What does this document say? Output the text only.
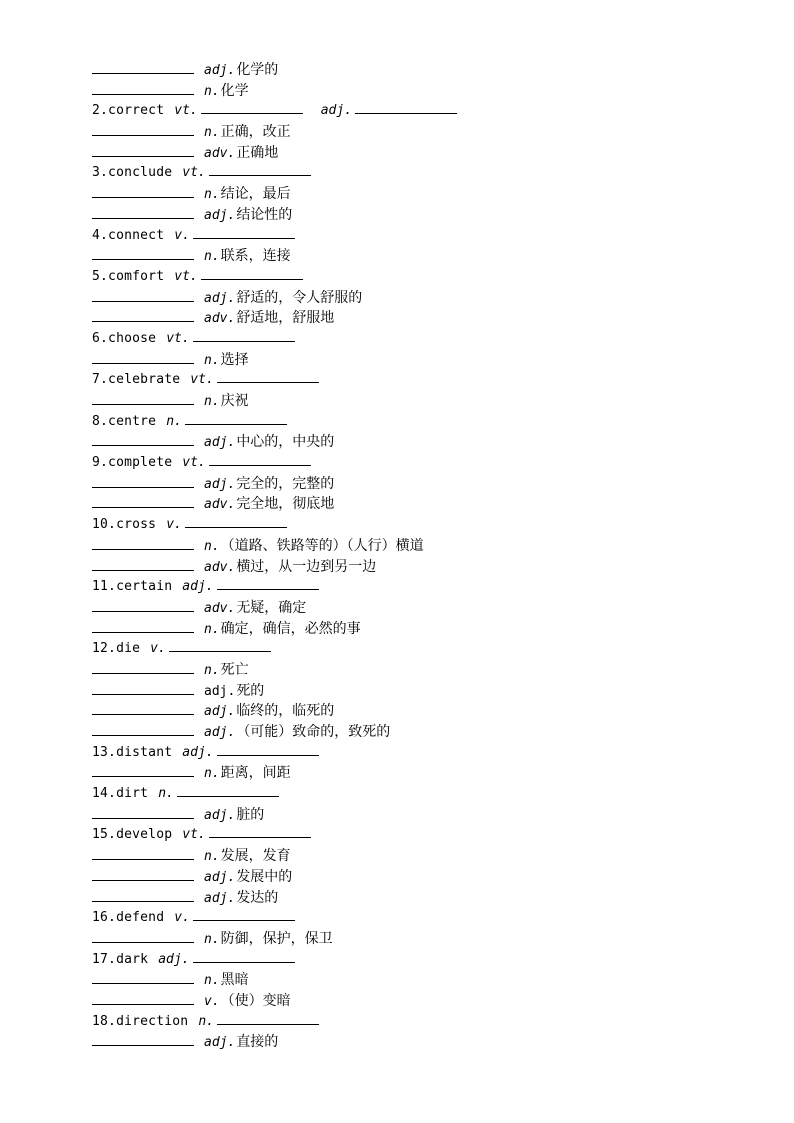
adj. 化学的
n. 化学
2.correct vt.	adj.
n. 正确，改正
adv. 正确地
3.conclude vt.
n. 结论，最后
adj. 结论性的
4.connect v.
n. 联系，连接
5.comfort vt.
adj. 舒适的，令人舒服的
adv. 舒适地，舒服地
6.choose vt.
n. 选择
7.celebrate vt.
n. 庆祝
8.centre n.
adj. 中心的，中央的
9.complete vt.
adj. 完全的，完整的
adv. 完全地，彻底地
10.cross v.
n. （道路、铁路等的）（人行）横道
adv. 横过，从一边到另一边
11.certain adj.
adv. 无疑，确定
n. 确定，确信，必然的事
12.die v.
n. 死亡
adj. 死的
adj. 临终的，临死的
adj. （可能）致命的，致死的
13.distant adj.
n. 距离，间距
14.dirt n.
adj. 脏的
15.develop vt.
n. 发展，发育
adj. 发展中的
adj. 发达的
16.defend v.
n. 防御，保护，保卫
17.dark adj.
n. 黑暗
v. （使）变暗
18.direction n.
adj. 直接的
